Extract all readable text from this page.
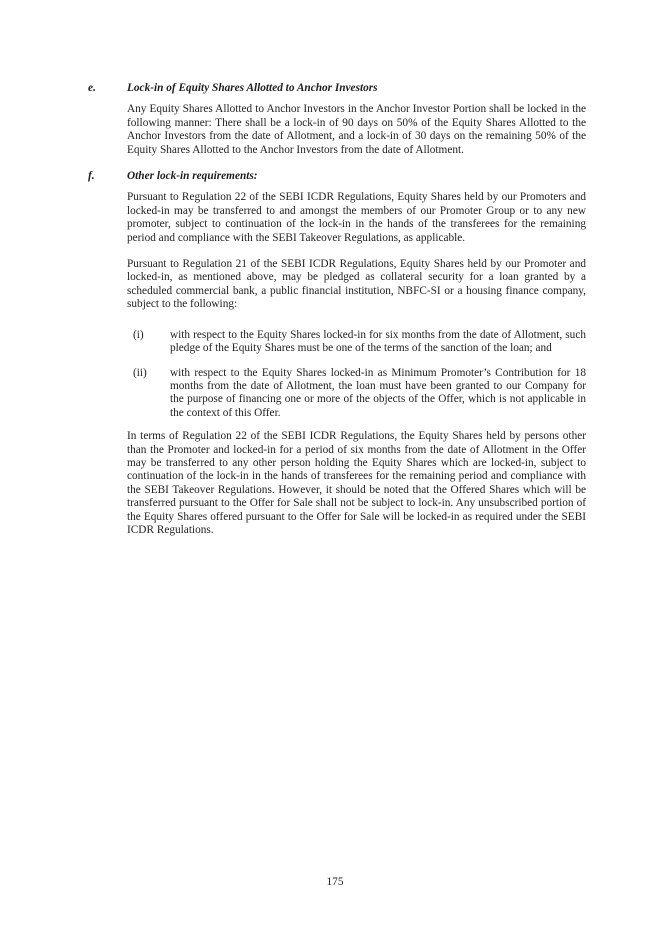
e.	Lock-in of Equity Shares Allotted to Anchor Investors

Any Equity Shares Allotted to Anchor Investors in the Anchor Investor Portion shall be locked in the following manner: There shall be a lock-in of 90 days on 50% of the Equity Shares Allotted to the Anchor Investors from the date of Allotment, and a lock-in of 30 days on the remaining 50% of the Equity Shares Allotted to the Anchor Investors from the date of Allotment.

f.	Other lock-in requirements:

Pursuant to Regulation 22 of the SEBI ICDR Regulations, Equity Shares held by our Promoters and locked-in may be transferred to and amongst the members of our Promoter Group or to any new promoter, subject to continuation of the lock-in in the hands of the transferees for the remaining period and compliance with the SEBI Takeover Regulations, as applicable.

Pursuant to Regulation 21 of the SEBI ICDR Regulations, Equity Shares held by our Promoter and locked-in, as mentioned above, may be pledged as collateral security for a loan granted by a scheduled commercial bank, a public financial institution, NBFC-SI or a housing finance company, subject to the following:

(i)	with respect to the Equity Shares locked-in for six months from the date of Allotment, such pledge of the Equity Shares must be one of the terms of the sanction of the loan; and
(ii)	with respect to the Equity Shares locked-in as Minimum Promoter’s Contribution for 18 months from the date of Allotment, the loan must have been granted to our Company for the purpose of financing one or more of the objects of the Offer, which is not applicable in the context of this Offer.

In terms of Regulation 22 of the SEBI ICDR Regulations, the Equity Shares held by persons other than the Promoter and locked-in for a period of six months from the date of Allotment in the Offer may be transferred to any other person holding the Equity Shares which are locked-in, subject to continuation of the lock-in in the hands of transferees for the remaining period and compliance with the SEBI Takeover Regulations. However, it should be noted that the Offered Shares which will be transferred pursuant to the Offer for Sale shall not be subject to lock-in. Any unsubscribed portion of the Equity Shares offered pursuant to the Offer for Sale will be locked-in as required under the SEBI ICDR Regulations.

175
